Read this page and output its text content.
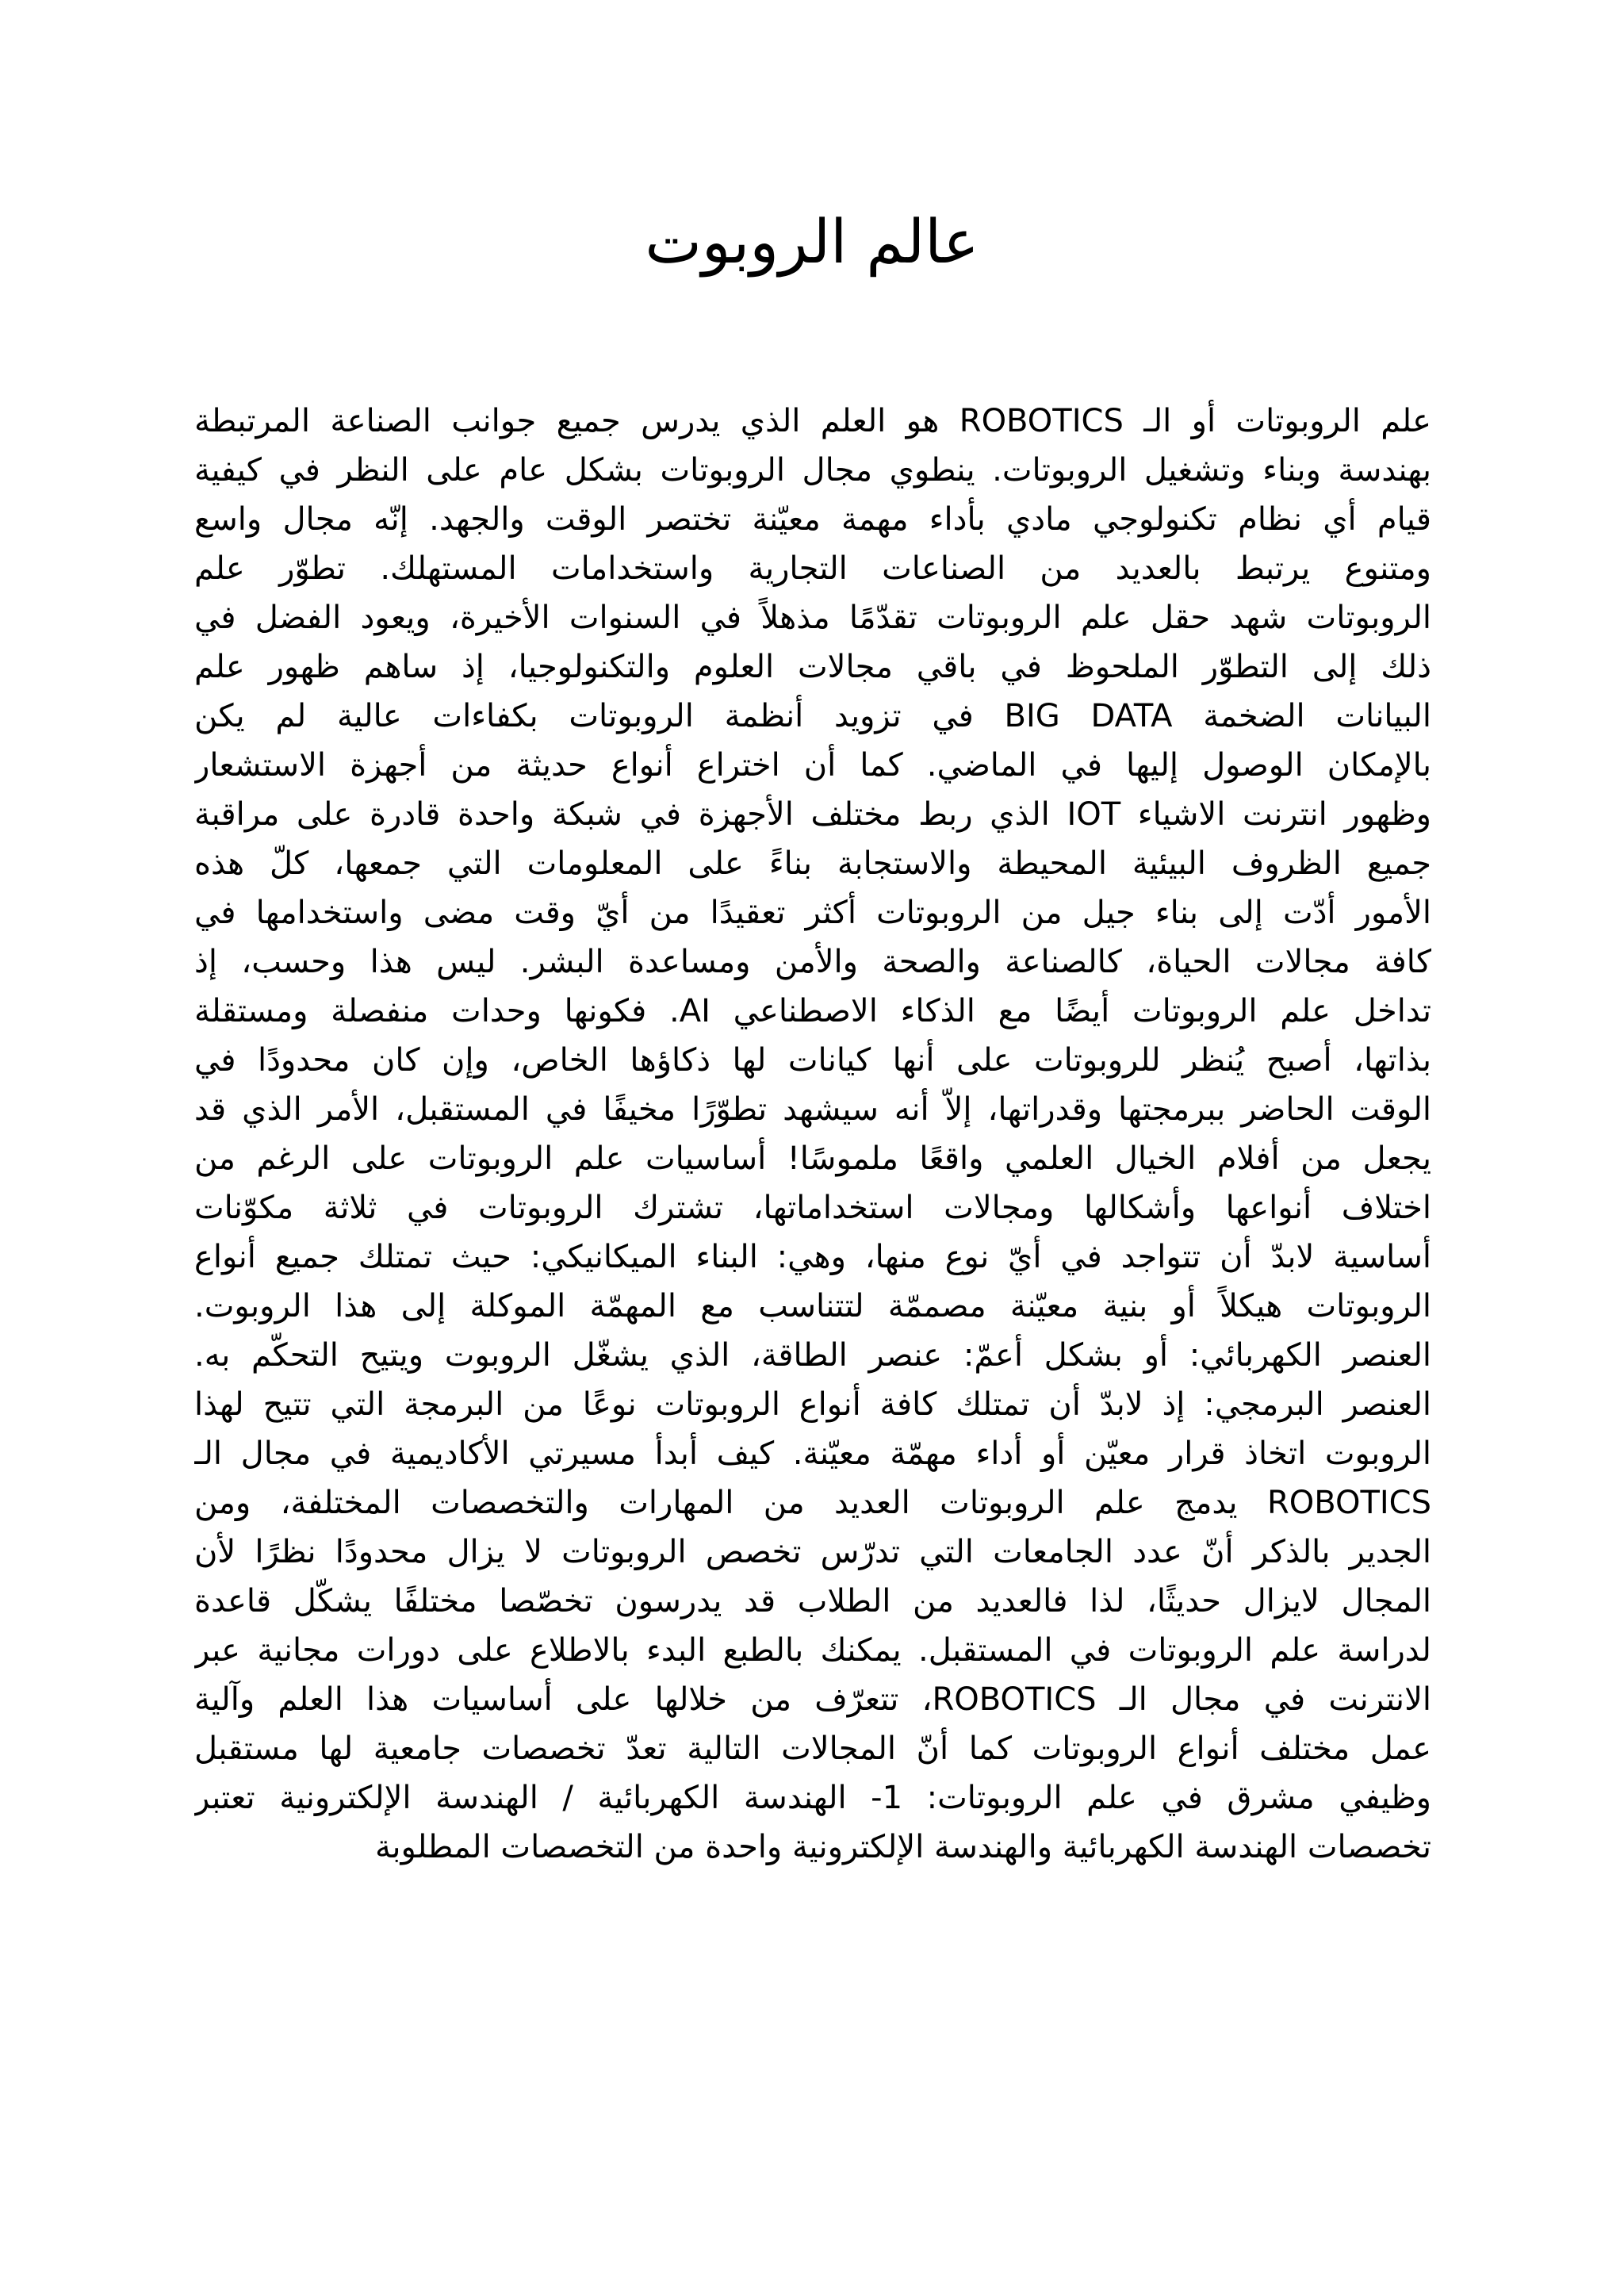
عالم الروبوت
علم الروبوتات أو الـ ROBOTICS هو العلم الذي يدرس جميع جوانب الصناعة المرتبطة
بهندسة وبناء وتشغيل الروبوتات. ينطوي مجال الروبوتات بشكل عام على النظر في كيفية
قيام أي نظام تكنولوجي مادي بأداء مهمة معيّنة تختصر الوقت والجهد. إنّه مجال واسع
ومتنوع يرتبط بالعديد من الصناعات التجارية واستخدامات المستهلك. تطوّر علم
الروبوتات شهد حقل علم الروبوتات تقدّمًا مذهلاً في السنوات الأخيرة، ويعود الفضل في
ذلك إلى التطوّر الملحوظ في باقي مجالات العلوم والتكنولوجيا، إذ ساهم ظهور علم
البيانات الضخمة BIG DATA في تزويد أنظمة الروبوتات بكفاءات عالية لم يكن
بالإمكان الوصول إليها في الماضي. كما أن اختراع أنواع حديثة من أجهزة الاستشعار
وظهور انترنت الاشياء IOT الذي ربط مختلف الأجهزة في شبكة واحدة قادرة على مراقبة
جميع الظروف البيئية المحيطة والاستجابة بناءً على المعلومات التي جمعها، كلّ هذه
الأمور أدّت إلى بناء جيل من الروبوتات أكثر تعقيدًا من أيّ وقت مضى واستخدامها في
كافة مجالات الحياة، كالصناعة والصحة والأمن ومساعدة البشر. ليس هذا وحسب، إذ
تداخل علم الروبوتات أيضًا مع الذكاء الاصطناعي AI. فكونها وحدات منفصلة ومستقلة
بذاتها، أصبح يُنظر للروبوتات على أنها كيانات لها ذكاؤها الخاص، وإن كان محدودًا في
الوقت الحاضر ببرمجتها وقدراتها، إلاّ أنه سيشهد تطوّرًا مخيفًا في المستقبل، الأمر الذي قد
يجعل من أفلام الخيال العلمي واقعًا ملموسًا! أساسيات علم الروبوتات على الرغم من
اختلاف أنواعها وأشكالها ومجالات استخداماتها، تشترك الروبوتات في ثلاثة مكوّنات
أساسية لابدّ أن تتواجد في أيّ نوع منها، وهي: البناء الميكانيكي: حيث تمتلك جميع أنواع
الروبوتات هيكلاً أو بنية معيّنة مصممّة لتتناسب مع المهمّة الموكلة إلى هذا الروبوت.
العنصر الكهربائي: أو بشكل أعمّ: عنصر الطاقة، الذي يشغّل الروبوت ويتيح التحكّم به.
العنصر البرمجي: إذ لابدّ أن تمتلك كافة أنواع الروبوتات نوعًا من البرمجة التي تتيح لهذا
الروبوت اتخاذ قرار معيّن أو أداء مهمّة معيّنة. كيف أبدأ مسيرتي الأكاديمية في مجال الـ
ROBOTICS يدمج علم الروبوتات العديد من المهارات والتخصصات المختلفة، ومن
الجدير بالذكر أنّ عدد الجامعات التي تدرّس تخصص الروبوتات لا يزال محدودًا نظرًا لأن
المجال لايزال حديثًا، لذا فالعديد من الطلاب قد يدرسون تخصّصا مختلفًا يشكّل قاعدة
لدراسة علم الروبوتات في المستقبل. يمكنك بالطبع البدء بالاطلاع على دورات مجانية عبر
الانترنت في مجال الـ ROBOTICS، تتعرّف من خلالها على أساسيات هذا العلم وآلية
عمل مختلف أنواع الروبوتات كما أنّ المجالات التالية تعدّ تخصصات جامعية لها مستقبل
وظيفي مشرق في علم الروبوتات: 1- الهندسة الكهربائية / الهندسة الإلكترونية تعتبر
تخصصات الهندسة الكهربائية والهندسة الإلكترونية واحدة من التخصصات المطلوبة
